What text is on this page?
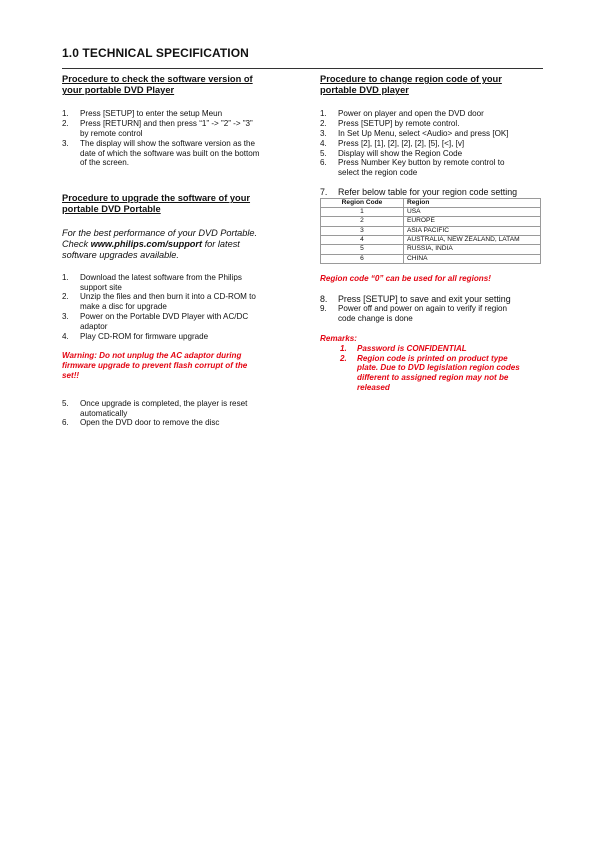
1.0 TECHNICAL SPECIFICATION
Procedure to check the software version of
your portable DVD Player
1. Press [SETUP] to enter the setup Meun
2. Press [RETURN] and then press “1” -> ”2” -> ”3”
by remote control
3. The display will show the software version as the
date of which the software was built on the bottom
of the screen.
Procedure to upgrade the software of your
portable DVD Portable
For the best performance of your DVD Portable.
Check www.philips.com/support for latest
software upgrades available.
1. Download the latest software from the Philips
support site
2. Unzip the files and then burn it into a CD-ROM to
make a disc for upgrade
3. Power on the Portable DVD Player with AC/DC
adaptor
4. Play CD-ROM for firmware upgrade
Warning: Do not unplug the AC adaptor during
firmware upgrade to prevent flash corrupt of the
set!!
5. Once upgrade is completed, the player is reset
automatically
6. Open the DVD door to remove the disc
Procedure to change region code of your
portable DVD player
1. Power on player and open the DVD door
2. Press [SETUP] by remote control.
3. In Set Up Menu, select <Audio> and press [OK]
4. Press [2], [1], [2], [2], [2], [5], [<], [v]
5. Display will show the Region Code
6. Press Number Key button by remote control to
select the region code
7. Refer below table for your region code setting
Region Code	Region
1	USA
2	EUROPE
3	ASIA PACIFIC
4	AUSTRALIA, NEW ZEALAND, LATAM
5	RUSSIA, INDIA
6	CHINA
Region code “0” can be used for all regions!
8. Press [SETUP] to save and exit your setting
9. Power off and power on again to verify if region
code change is done
Remarks:
1. Password is CONFIDENTIAL
2. Region code is printed on product type
plate. Due to DVD legislation region codes
different to assigned region may not be
released
